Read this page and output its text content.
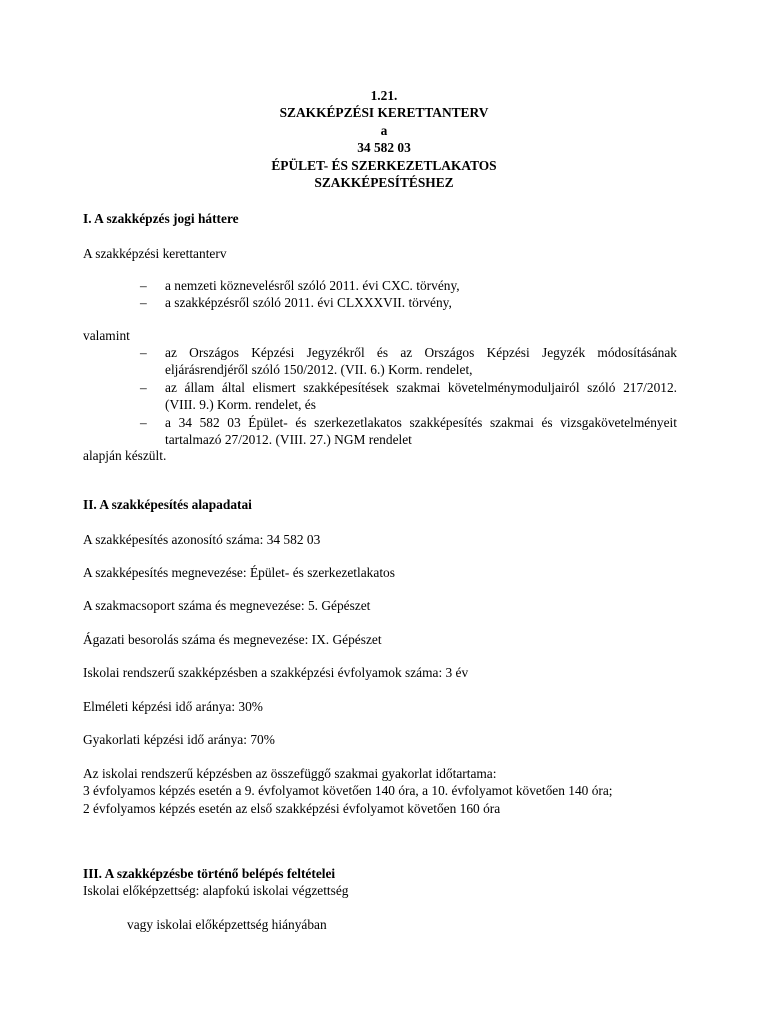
1.21.
SZAKKÉPZÉSI KERETTANTERV
a
34 582 03
ÉPÜLET- ÉS SZERKEZETLAKATOS
SZAKKÉPESÍTÉSHEZ
I. A szakképzés jogi háttere
A szakképzési kerettanterv
– a nemzeti köznevelésről szóló 2011. évi CXC. törvény,
– a szakképzésről szóló 2011. évi CLXXXVII. törvény,
valamint
– az Országos Képzési Jegyzékről és az Országos Képzési Jegyzék módosításának eljárásrendjéről szóló 150/2012. (VII. 6.) Korm. rendelet,
– az állam által elismert szakképesítések szakmai követelménymoduljairól szóló 217/2012. (VIII. 9.) Korm. rendelet, és
– a 34 582 03 Épület- és szerkezetlakatos szakképesítés szakmai és vizsgakövetelményeit tartalmazó 27/2012. (VIII. 27.) NGM rendelet
alapján készült.
II. A szakképesítés alapadatai
A szakképesítés azonosító száma: 34 582 03
A szakképesítés megnevezése: Épület- és szerkezetlakatos
A szakmacsoport száma és megnevezése: 5. Gépészet
Ágazati besorolás száma és megnevezése: IX. Gépészet
Iskolai rendszerű szakképzésben a szakképzési évfolyamok száma: 3 év
Elméleti képzési idő aránya: 30%
Gyakorlati képzési idő aránya: 70%
Az iskolai rendszerű képzésben az összefüggő szakmai gyakorlat időtartama:
3 évfolyamos képzés esetén a 9. évfolyamot követően 140 óra, a 10. évfolyamot követően 140 óra;
2 évfolyamos képzés esetén az első szakképzési évfolyamot követően 160 óra
III. A szakképzésbe történő belépés feltételei
Iskolai előképzettség: alapfokú iskolai végzettség
vagy iskolai előképzettség hiányában
